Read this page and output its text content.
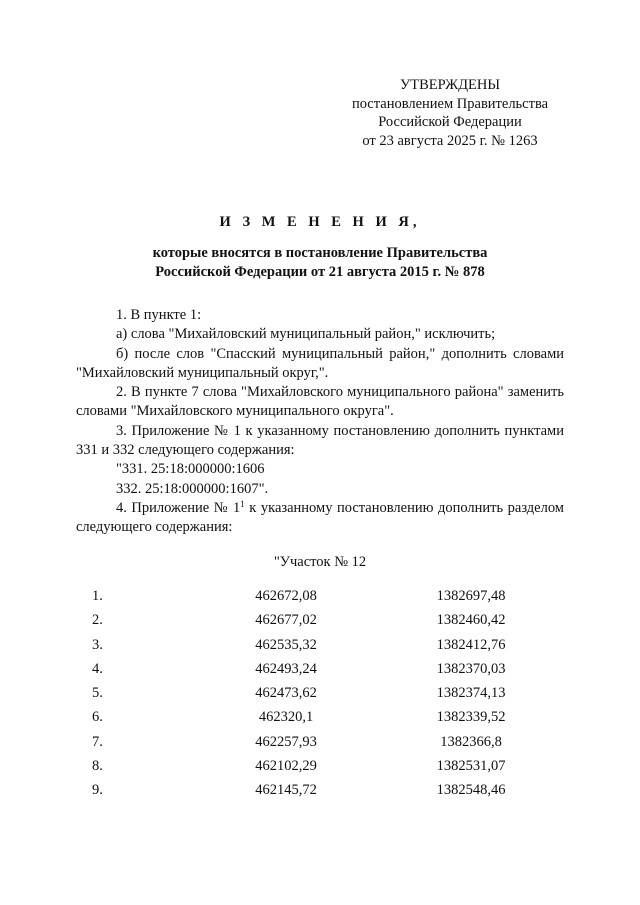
УТВЕРЖДЕНЫ
постановлением Правительства
Российской Федерации
от 23 августа 2025 г. № 1263
И З М Е Н Е Н И Я,
которые вносятся в постановление Правительства
Российской Федерации от 21 августа 2015 г. № 878
1. В пункте 1:
а) слова "Михайловский муниципальный район," исключить;
б) после слов "Спасский муниципальный район," дополнить словами "Михайловский муниципальный округ,".
2. В пункте 7 слова "Михайловского муниципального района" заменить словами "Михайловского муниципального округа".
3. Приложение № 1 к указанному постановлению дополнить пунктами 331 и 332 следующего содержания:
"331. 25:18:000000:1606
332. 25:18:000000:1607".
4. Приложение № $1^1$ к указанному постановлению дополнить разделом следующего содержания:
"Участок № 12
1.	462672,08	1382697,48
2.	462677,02	1382460,42
3.	462535,32	1382412,76
4.	462493,24	1382370,03
5.	462473,62	1382374,13
6.	462320,1	1382339,52
7.	462257,93	1382366,8
8.	462102,29	1382531,07
9.	462145,72	1382548,46
